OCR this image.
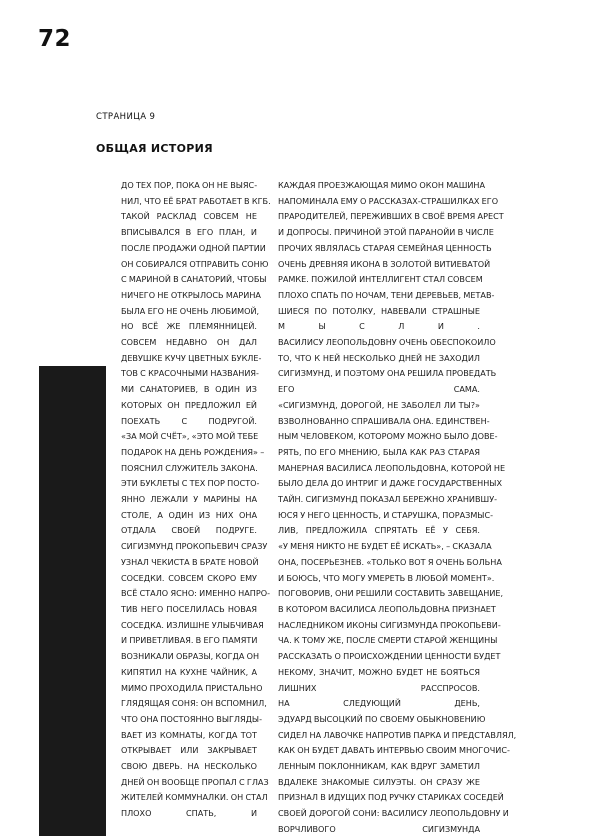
72
СТРАНИЦА 9
ОБЩАЯ ИСТОРИЯ
ДО ТЕХ ПОР, ПОКА ОН НЕ ВЫЯС-
НИЛ, ЧТО ЕЁ БРАТ РАБОТАЕТ В КГБ.
ТАКОЙ РАСКЛАД СОВСЕМ НЕ
ВПИСЫВАЛСЯ В ЕГО ПЛАН, И
ПОСЛЕ ПРОДАЖИ ОДНОЙ ПАРТИИ
ОН СОБИРАЛСЯ ОТПРАВИТЬ СОНЮ
С МАРИНОЙ В САНАТОРИЙ, ЧТОБЫ
НИЧЕГО НЕ ОТКРЫЛОСЬ МАРИНА
БЫЛА ЕГО НЕ ОЧЕНЬ ЛЮБИМОЙ,
НО ВСЁ ЖЕ ПЛЕМЯННИЦЕЙ.
СОВСЕМ НЕДАВНО ОН ДАЛ
ДЕВУШКЕ КУЧУ ЦВЕТНЫХ БУКЛЕ-
ТОВ С КРАСОЧНЫМИ НАЗВАНИЯ-
МИ САНАТОРИЕВ, В ОДИН ИЗ
КОТОРЫХ ОН ПРЕДЛОЖИЛ ЕЙ
ПОЕХАТЬ С ПОДРУГОЙ.
«ЗА МОЙ СЧЁТ», «ЭТО МОЙ ТЕБЕ
ПОДАРОК НА ДЕНЬ РОЖДЕНИЯ» –
ПОЯСНИЛ СЛУЖИТЕЛЬ ЗАКОНА.
ЭТИ БУКЛЕТЫ С ТЕХ ПОР ПОСТО-
ЯННО ЛЕЖАЛИ У МАРИНЫ НА
СТОЛЕ, А ОДИН ИЗ НИХ ОНА
ОТДАЛА СВОЕЙ ПОДРУГЕ.
СИГИЗМУНД ПРОКОПЬЕВИЧ СРАЗУ
УЗНАЛ ЧЕКИСТА В БРАТЕ НОВОЙ
СОСЕДКИ. СОВСЕМ СКОРО ЕМУ
ВСЁ СТАЛО ЯСНО: ИМЕННО НАПРО-
ТИВ НЕГО ПОСЕЛИЛАСЬ НОВАЯ
СОСЕДКА. ИЗЛИШНЕ УЛЫБЧИВАЯ
И ПРИВЕТЛИВАЯ. В ЕГО ПАМЯТИ
ВОЗНИКАЛИ ОБРАЗЫ, КОГДА ОН
КИПЯТИЛ НА КУХНЕ ЧАЙНИК, А
МИМО ПРОХОДИЛА ПРИСТАЛЬНО
ГЛЯДЯЩАЯ СОНЯ: ОН ВСПОМНИЛ,
ЧТО ОНА ПОСТОЯННО ВЫГЛЯДЫ-
ВАЕТ ИЗ КОМНАТЫ, КОГДА ТОТ
ОТКРЫВАЕТ ИЛИ ЗАКРЫВАЕТ
СВОЮ ДВЕРЬ. НА НЕСКОЛЬКО
ДНЕЙ ОН ВООБЩЕ ПРОПАЛ С ГЛАЗ
ЖИТЕЛЕЙ КОММУНАЛКИ. ОН СТАЛ
ПЛОХО СПАТЬ, И
КАЖДАЯ ПРОЕЗЖАЮЩАЯ МИМО ОКОН МАШИНА
НАПОМИНАЛА ЕМУ О РАССКАЗАХ-СТРАШИЛКАХ ЕГО
ПРАРОДИТЕЛЕЙ, ПЕРЕЖИВШИХ В СВОЁ ВРЕМЯ АРЕСТ
И ДОПРОСЫ. ПРИЧИНОЙ ЭТОЙ ПАРАНОЙИ В ЧИСЛЕ
ПРОЧИХ ЯВЛЯЛАСЬ СТАРАЯ СЕМЕЙНАЯ ЦЕННОСТЬ
ОЧЕНЬ ДРЕВНЯЯ ИКОНА В ЗОЛОТОЙ ВИТИЕВАТОЙ
РАМКЕ. ПОЖИЛОЙ ИНТЕЛЛИГЕНТ СТАЛ СОВСЕМ
ПЛОХО СПАТЬ ПО НОЧАМ, ТЕНИ ДЕРЕВЬЕВ, МЕТАВ-
ШИЕСЯ ПО ПОТОЛКУ, НАВЕВАЛИ СТРАШНЫЕ
М Ы С Л И .
ВАСИЛИСУ ЛЕОПОЛЬДОВНУ ОЧЕНЬ ОБЕСПОКОИЛО
ТО, ЧТО К НЕЙ НЕСКОЛЬКО ДНЕЙ НЕ ЗАХОДИЛ
СИГИЗМУНД, И ПОЭТОМУ ОНА РЕШИЛА ПРОВЕДАТЬ
ЕГО САМА.
«СИГИЗМУНД, ДОРОГОЙ, НЕ ЗАБОЛЕЛ ЛИ ТЫ?»
ВЗВОЛНОВАННО СПРАШИВАЛА ОНА. ЕДИНСТВЕН-
НЫМ ЧЕЛОВЕКОМ, КОТОРОМУ МОЖНО БЫЛО ДОВЕ-
РЯТЬ, ПО ЕГО МНЕНИЮ, БЫЛА КАК РАЗ СТАРАЯ
МАНЕРНАЯ ВАСИЛИСА ЛЕОПОЛЬДОВНА, КОТОРОЙ НЕ
БЫЛО ДЕЛА ДО ИНТРИГ И ДАЖЕ ГОСУДАРСТВЕННЫХ
ТАЙН. СИГИЗМУНД ПОКАЗАЛ БЕРЕЖНО ХРАНИВШУ-
ЮСЯ У НЕГО ЦЕННОСТЬ, И СТАРУШКА, ПОРАЗМЫС-
ЛИВ, ПРЕДЛОЖИЛА СПРЯТАТЬ ЕЁ У СЕБЯ.
«У МЕНЯ НИКТО НЕ БУДЕТ ЕЁ ИСКАТЬ», – СКАЗАЛА
ОНА, ПОСЕРЬЕЗНЕВ. «ТОЛЬКО ВОТ Я ОЧЕНЬ БОЛЬНА
И БОЮСЬ, ЧТО МОГУ УМЕРЕТЬ В ЛЮБОЙ МОМЕНТ».
ПОГОВОРИВ, ОНИ РЕШИЛИ СОСТАВИТЬ ЗАВЕЩАНИЕ,
В КОТОРОМ ВАСИЛИСА ЛЕОПОЛЬДОВНА ПРИЗНАЕТ
НАСЛЕДНИКОМ ИКОНЫ СИГИЗМУНДА ПРОКОПЬЕВИ-
ЧА. К ТОМУ ЖЕ, ПОСЛЕ СМЕРТИ СТАРОЙ ЖЕНЩИНЫ
РАССКАЗАТЬ О ПРОИСХОЖДЕНИИ ЦЕННОСТИ БУДЕТ
НЕКОМУ, ЗНАЧИТ, МОЖНО БУДЕТ НЕ БОЯТЬСЯ
ЛИШНИХ РАССПРОСОВ.
НА СЛЕДУЮЩИЙ ДЕНЬ,
ЭДУАРД ВЫСОЦКИЙ ПО СВОЕМУ ОБЫКНОВЕНИЮ
СИДЕЛ НА ЛАВОЧКЕ НАПРОТИВ ПАРКА И ПРЕДСТАВЛЯЛ,
КАК ОН БУДЕТ ДАВАТЬ ИНТЕРВЬЮ СВОИМ МНОГОЧИС-
ЛЕННЫМ ПОКЛОННИКАМ, КАК ВДРУГ ЗАМЕТИЛ
ВДАЛЕКЕ ЗНАКОМЫЕ СИЛУЭТЫ. ОН СРАЗУ ЖЕ
ПРИЗНАЛ В ИДУЩИХ ПОД РУЧКУ СТАРИКАХ СОСЕДЕЙ
СВОЕЙ ДОРОГОЙ СОНИ: ВАСИЛИСУ ЛЕОПОЛЬДОВНУ И
ВОРЧЛИВОГО СИГИЗМУНДА
